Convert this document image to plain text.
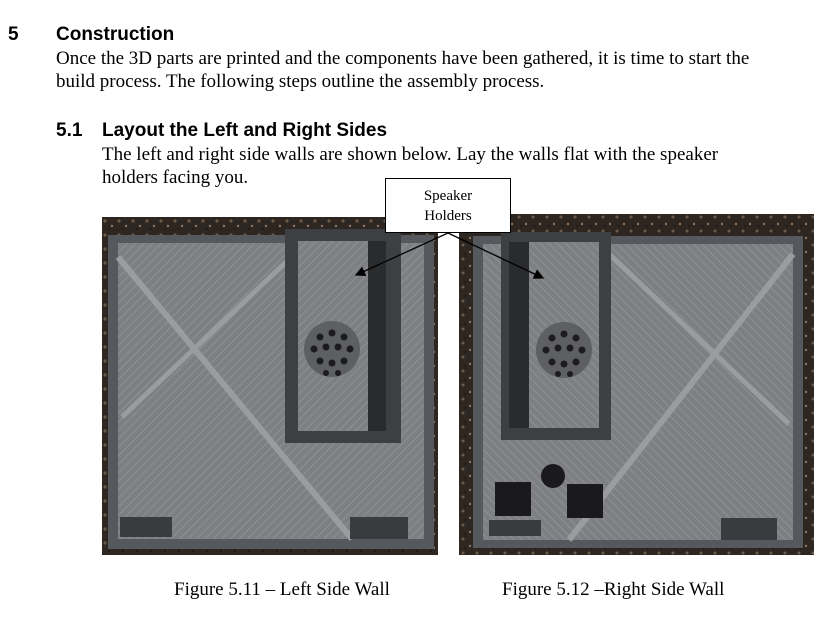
5 Construction
Once the 3D parts are printed and the components have been gathered, it is time to start the
build process. The following steps outline the assembly process.
5.1 Layout the Left and Right Sides
The left and right side walls are shown below. Lay the walls flat with the speaker
holders facing you.
Speaker
Holders
Figure 5.11 – Left Side Wall	Figure 5.12 –Right Side Wall
